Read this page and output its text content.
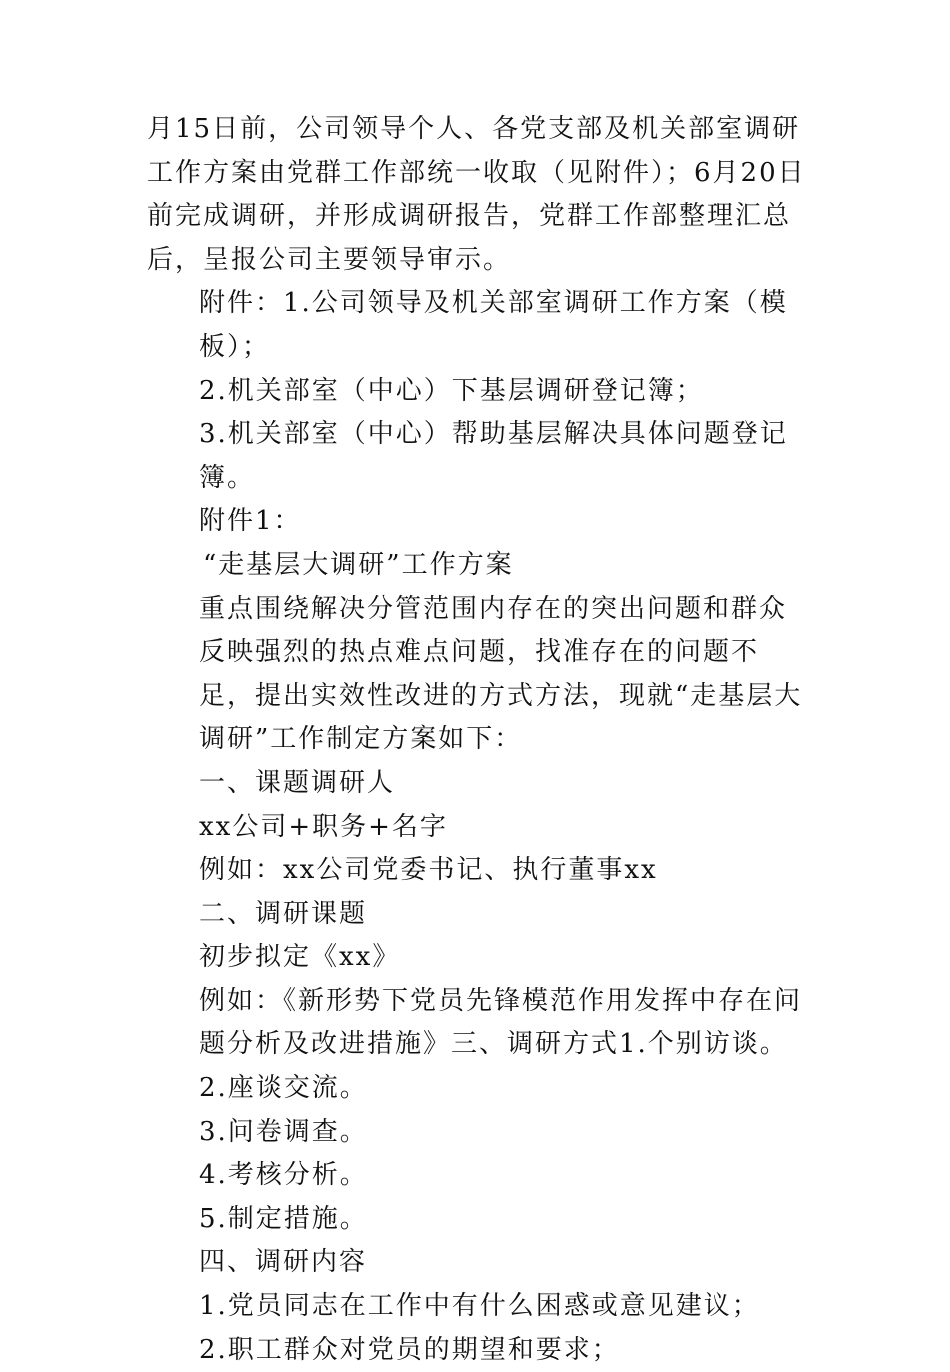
月15日前，公司领导个人、各党支部及机关部室调研工作方案由党群工作部统一收取（见附件）；6月20日前完成调研，并形成调研报告，党群工作部整理汇总后，呈报公司主要领导审示。

附件：1.公司领导及机关部室调研工作方案（模板）；

2.机关部室（中心）下基层调研登记簿；

3.机关部室（中心）帮助基层解决具体问题登记簿。

附件1：

“走基层大调研”工作方案

重点围绕解决分管范围内存在的突出问题和群众反映强烈的热点难点问题，找准存在的问题不足，提出实效性改进的方式方法，现就“走基层大调研”工作制定方案如下：

一、课题调研人

xx公司+职务+名字

例如：xx公司党委书记、执行董事xx

二、调研课题

初步拟定《xx》

例如：《新形势下党员先锋模范作用发挥中存在问题分析及改进措施》三、调研方式1.个别访谈。 2.座谈交流。

3.问卷调查。

4.考核分析。

5.制定措施。

四、调研内容

1.党员同志在工作中有什么困惑或意见建议；

2.职工群众对党员的期望和要求；
